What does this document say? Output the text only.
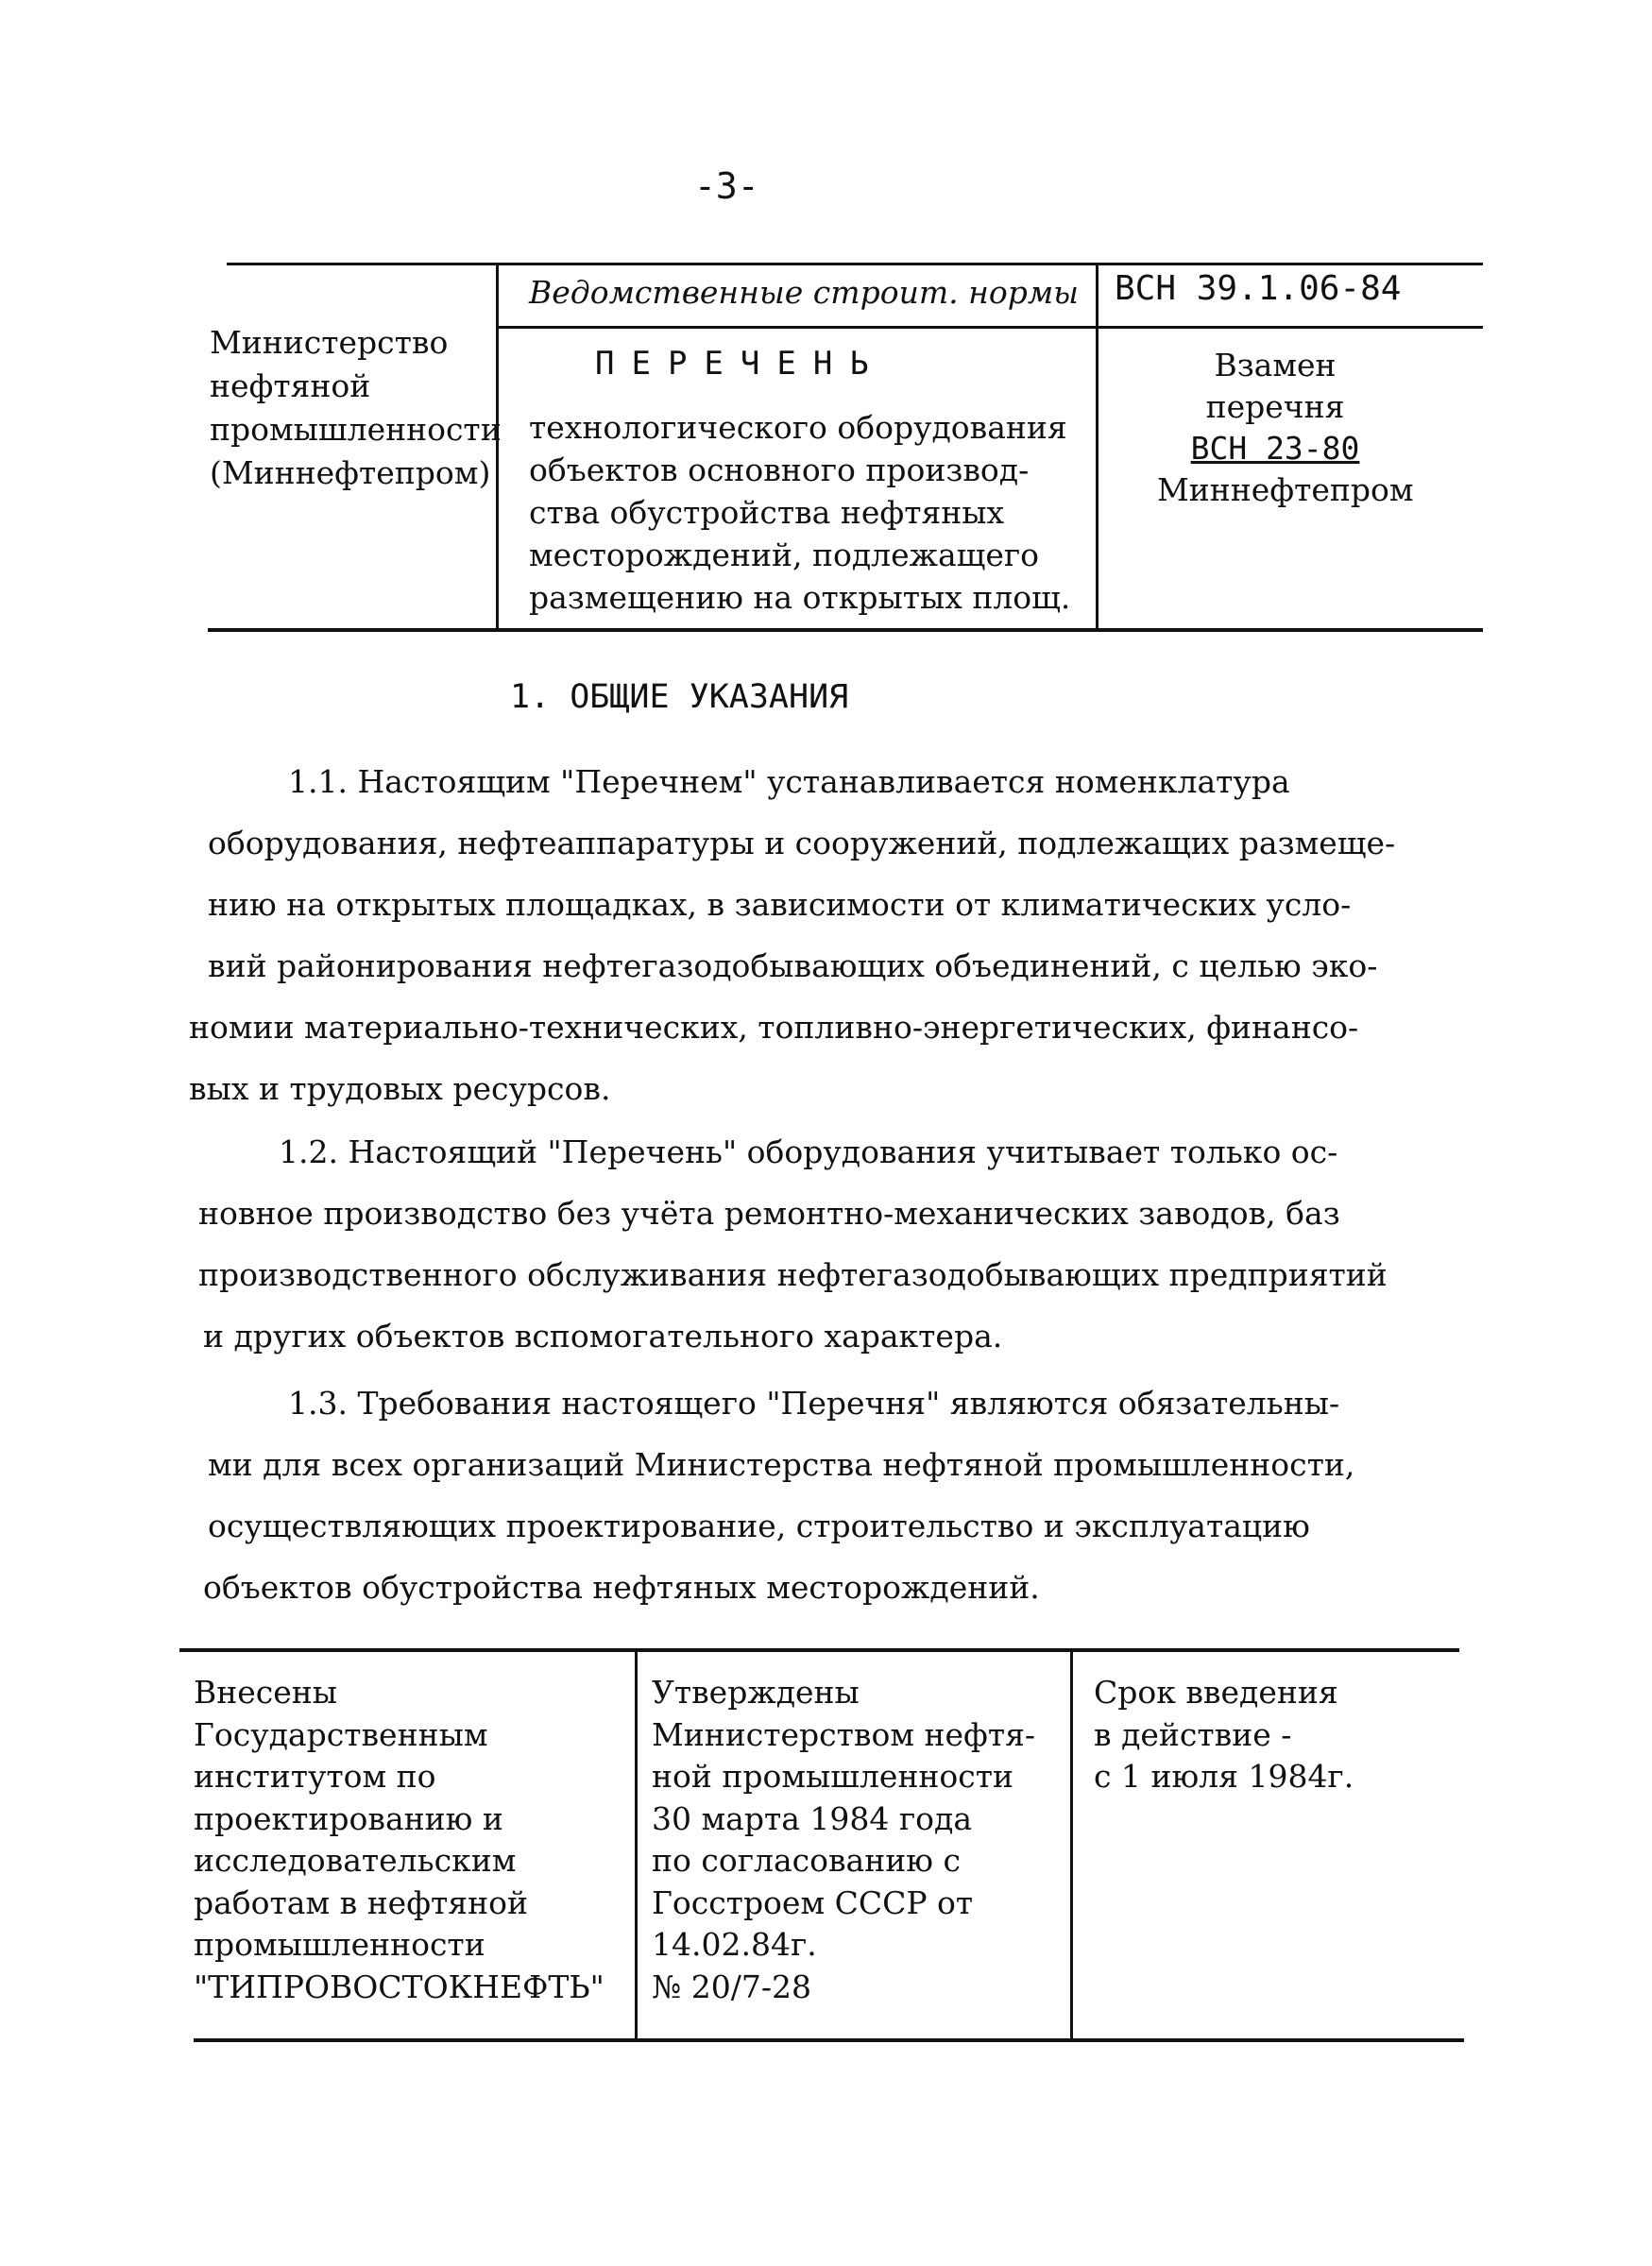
-3-
Министерство
нефтяной
промышленности
(Миннефтепром)
Ведомственные строит. нормы ВСН 39.1.06-84
ПЕРЕЧЕНЬ
технологического оборудования
объектов основного производ-
ства обустройства нефтяных
месторождений, подлежащего
размещению на открытых площ.
Взамен
перечня
ВСН 23-80
Миннефтепром
1. ОБЩИЕ УКАЗАНИЯ
1.1. Настоящим "Перечнем" устанавливается номенклатура
оборудования, нефтеаппаратуры и сооружений, подлежащих размеще-
нию на открытых площадках, в зависимости от климатических усло-
вий районирования нефтегазодобывающих объединений, с целью эко-
номии материально-технических, топливно-энергетических, финансо-
вых и трудовых ресурсов.
1.2. Настоящий "Перечень" оборудования учитывает только ос-
новное производство без учёта ремонтно-механических заводов, баз
производственного обслуживания нефтегазодобывающих предприятий
и других объектов вспомогательного характера.
1.3. Требования настоящего "Перечня" являются обязательны-
ми для всех организаций Министерства нефтяной промышленности,
осуществляющих проектирование, строительство и эксплуатацию
объектов обустройства нефтяных месторождений.
Внесены
Государственным
институтом по
проектированию и
исследовательским
работам в нефтяной
промышленности
"ТИПРОВОСТОКНЕФТЬ"
Утверждены
Министерством нефтя-
ной промышленности
30 марта 1984 года
по согласованию с
Госстроем СССР от
14.02.84г.
№ 20/7-28
Срок введения
в действие -
с 1 июля 1984г.
